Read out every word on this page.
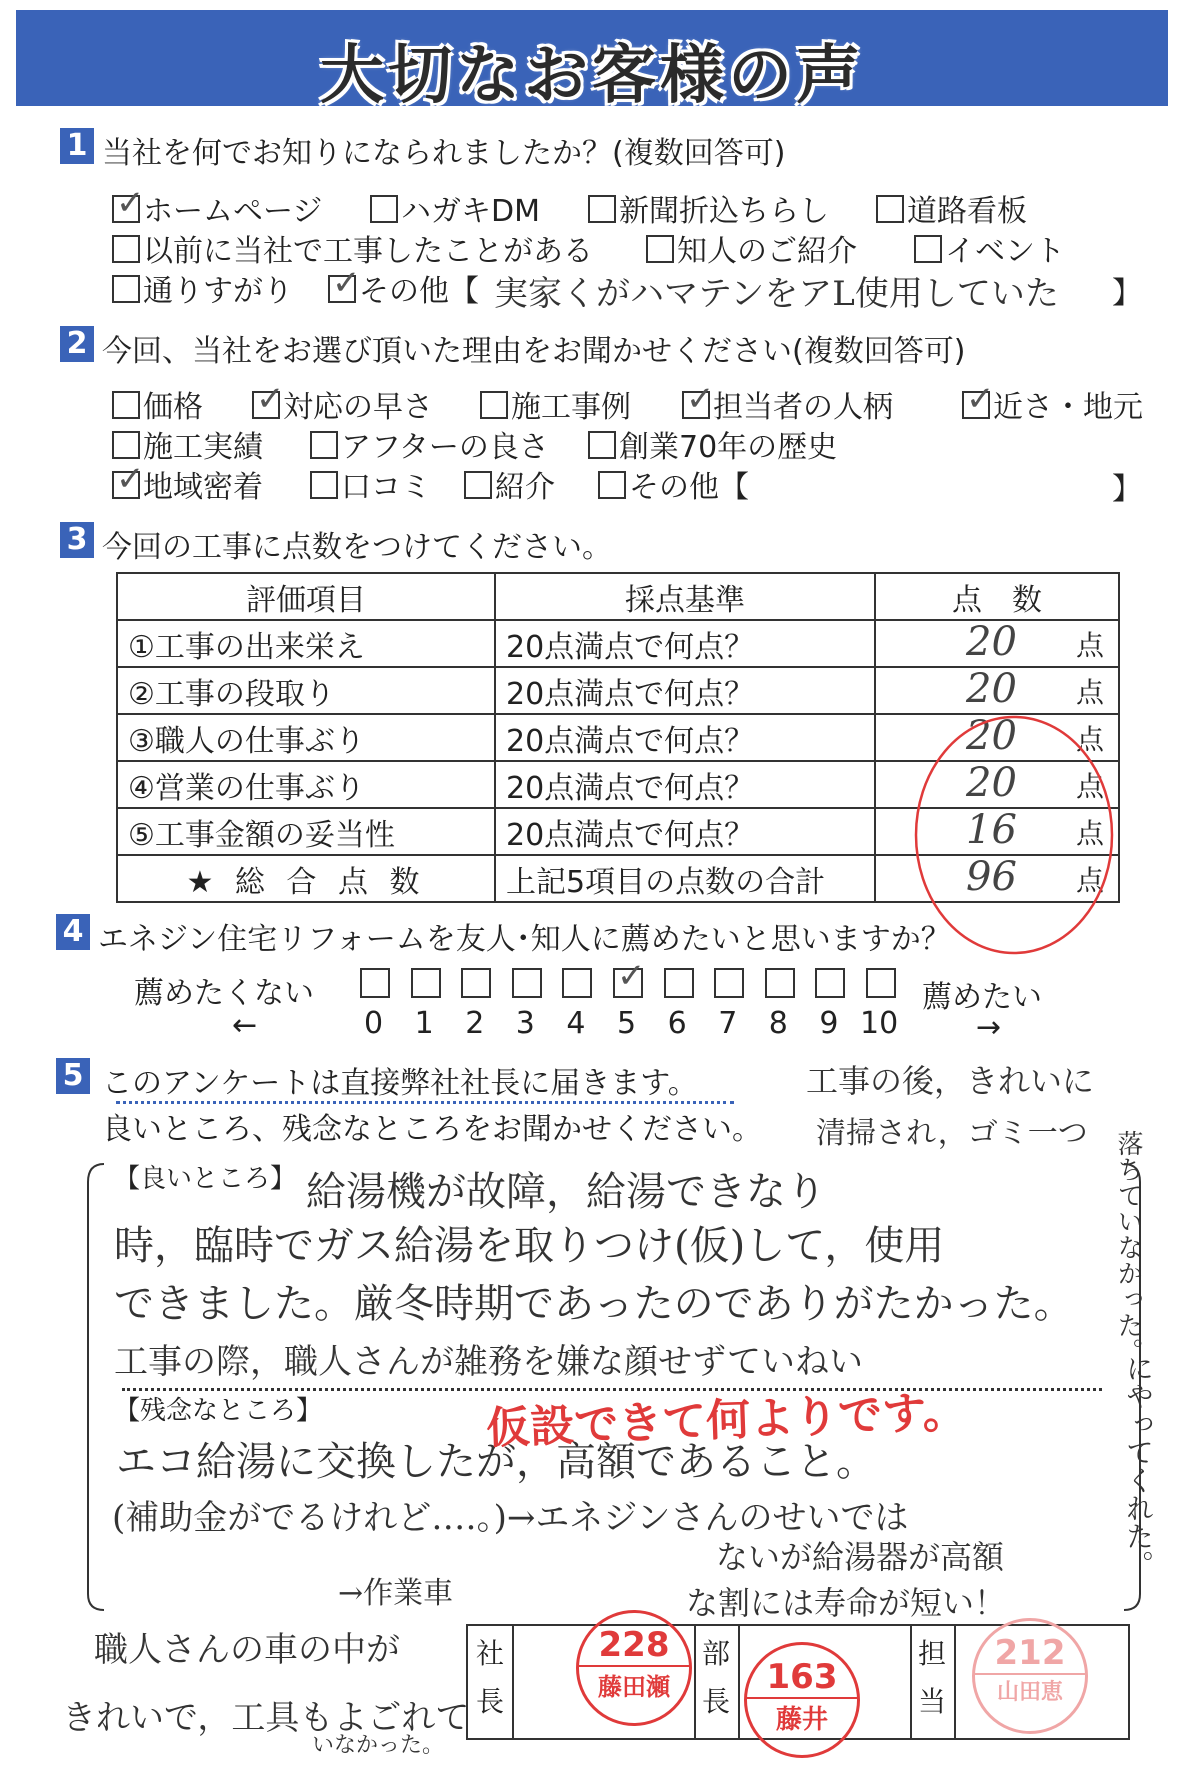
大切なお客様の声
1 当社を何でお知りになられましたか？(複数回答可)
✓
ホームページ	ハガキDM	新聞折込ちらし	道路看板
以前に当社で工事したことがある	知人のご紹介	イベント
通りすがり ✓
その他【 実家くがハマテンをアL使用していた 】
2 今回、当社をお選び頂いた理由をお聞かせください(複数回答可)
価格 ✓
対応の早さ	施工事例 ✓
担当者の人柄 ✓
近さ・地元
施工実績	アフターの良さ	創業70年の歴史
✓
地域密着	口コミ	紹介	その他【	】
3 今回の工事に点数をつけてください。
評価項目	採点基準	点　数
①工事の出来栄え	20点満点で何点？	20 点

②工事の段取り	20点満点で何点？	20 点

③職人の仕事ぶり	20点満点で何点？	20 点

④営業の仕事ぶり	20点満点で何点？	20 点

⑤工事金額の妥当性	20点満点で何点？	16 点

★ 総 合 点 数	上記5項目の点数の合計	96 点
4 エネジン住宅リフォームを友人･知人に薦めたいと思いますか？
薦めたくない
←
薦めたい
→
0 1 2 3 4
✓
5 6 7 8 9 10
5 このアンケートは直接弊社社長に届きます。
良いところ、残念なところをお聞かせください。
【良いところ】
【残念なところ】
給湯機が故障，給湯できなり
時，臨時でガス給湯を取りつけ(仮)して，使用
できました。厳冬時期であったのでありがたかった。
工事の際，職人さんが雑務を嫌な顔せずていねい
エコ給湯に交換したが，高額であること。
(補助金がでるけれど‥‥。)→エネジンさんのせいでは
ないが給湯器が高額
な割には寿命が短い！
工事の後，きれいに
清掃され，ゴミ一つ 落ちていなかった。
にやってくれた。
仮設できて何よりです。
職人さんの車の中が
→作業車
きれいで，工具もよごれて
いなかった。
社長
部長
担当
228
藤田瀬	163
藤井
212
山田恵
